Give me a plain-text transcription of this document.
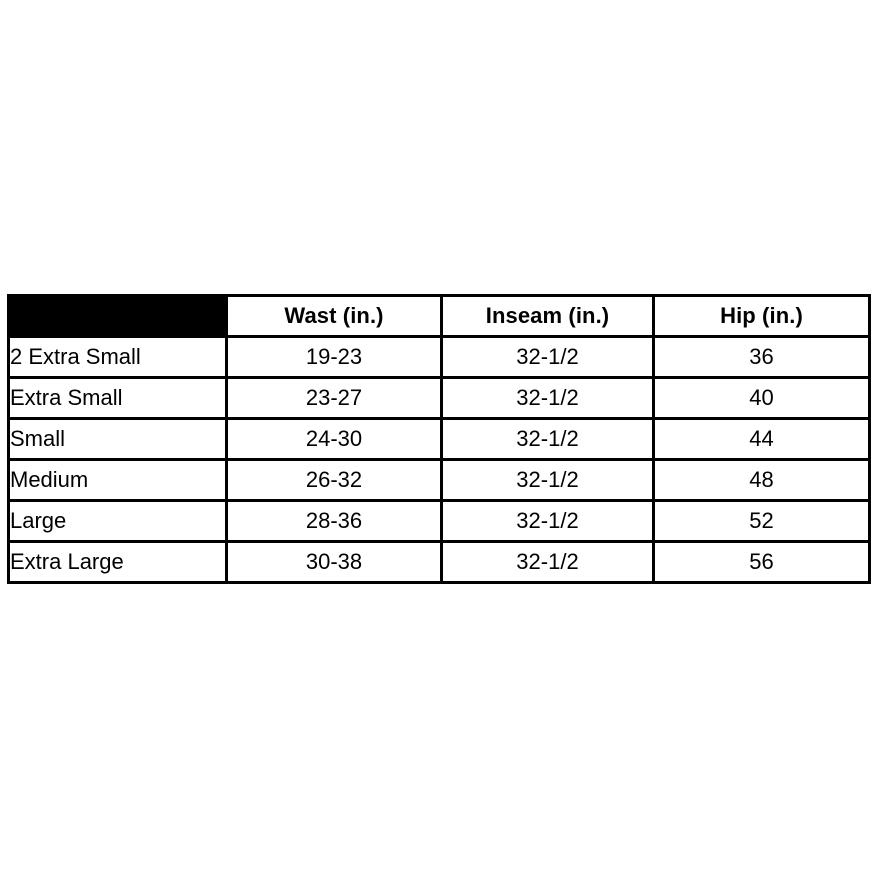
	Wast (in.)	Inseam (in.)	Hip (in.)
2 Extra Small	19-23	32-1/2	36
Extra Small	23-27	32-1/2	40
Small	24-30	32-1/2	44
Medium	26-32	32-1/2	48
Large	28-36	32-1/2	52
Extra Large	30-38	32-1/2	56
